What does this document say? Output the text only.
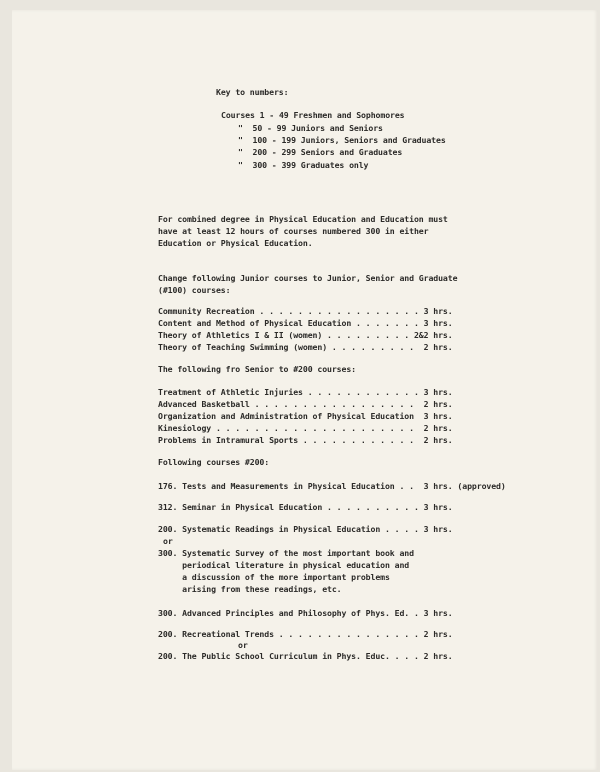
Key to numbers:
Courses 1 - 49 Freshmen and Sophomores
"  50 - 99 Juniors and Seniors
"  100 - 199 Juniors, Seniors and Graduates
"  200 - 299 Seniors and Graduates
"  300 - 399 Graduates only
For combined degree in Physical Education and Education must
have at least 12 hours of courses numbered 300 in either
Education or Physical Education.
Change following Junior courses to Junior, Senior and Graduate
(#100) courses:
Community Recreation . . . . . . . . . . . . . . . . . 3 hrs.
Content and Method of Physical Education . . . . . . . 3 hrs.
Theory of Athletics I & II (women) . . . . . . . . . 2&2 hrs.
Theory of Teaching Swimming (women) . . . . . . . . .  2 hrs.
The following fro Senior to #200 courses:
Treatment of Athletic Injuries . . . . . . . . . . . . 3 hrs.
Advanced Basketball . . . . . . . . . . . . . . . . .  2 hrs.
Organization and Administration of Physical Education  3 hrs.
Kinesiology . . . . . . . . . . . . . . . . . . . . .  2 hrs.
Problems in Intramural Sports . . . . . . . . . . . .  2 hrs.
Following courses #200:
176. Tests and Measurements in Physical Education . .  3 hrs. (approved)
312. Seminar in Physical Education . . . . . . . . . . 3 hrs.
200. Systematic Readings in Physical Education . . . . 3 hrs.
or
300. Systematic Survey of the most important book and
periodical literature in physical education and
a discussion of the more important problems
arising from these readings, etc.
300. Advanced Principles and Philosophy of Phys. Ed. . 3 hrs.
200. Recreational Trends . . . . . . . . . . . . . . . 2 hrs.
or
200. The Public School Curriculum in Phys. Educ. . . . 2 hrs.
